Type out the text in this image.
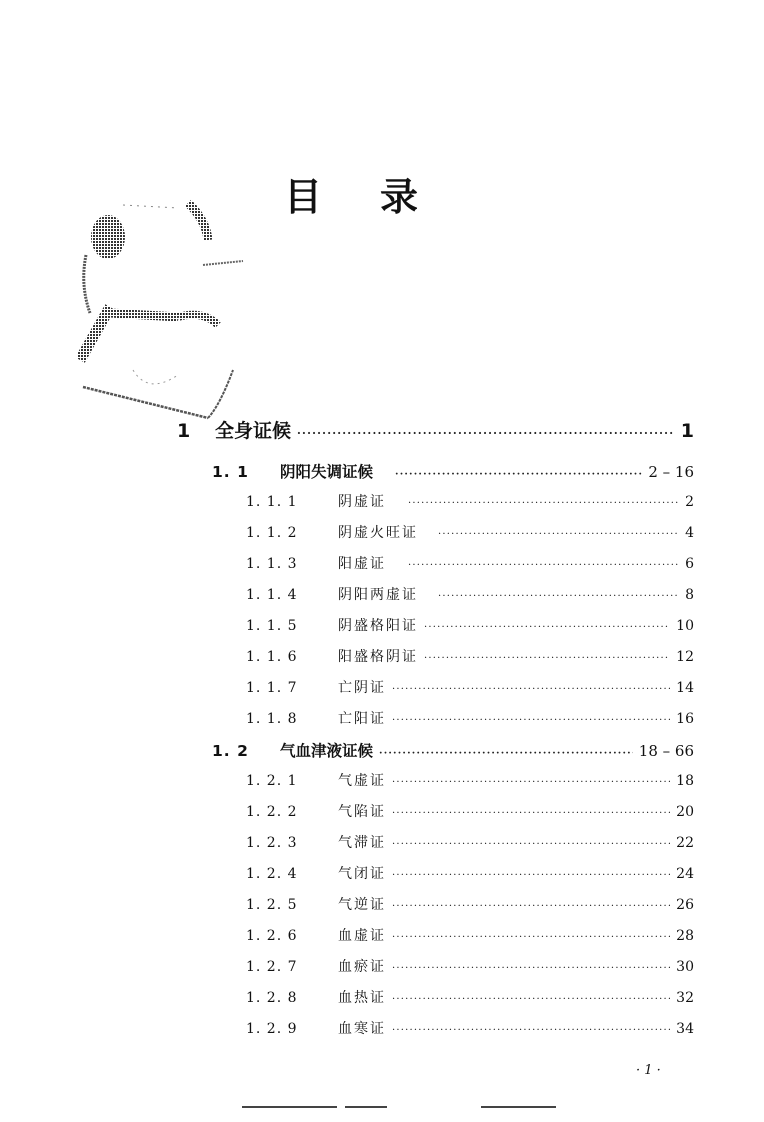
目 录
1	全身证候 ·····	1
1. 1	阴阳失调证候 ·····	2 – 16
1. 1. 1	阴虚证 ·····	2
1. 1. 2	阴虚火旺证 ·····	4
1. 1. 3	阳虚证 ·····	6
1. 1. 4	阴阳两虚证 ·····	8
1. 1. 5	阴盛格阳证 ·····	10
1. 1. 6	阳盛格阴证 ·····	12
1. 1. 7	亡阴证 ·····	14
1. 1. 8	亡阳证 ·····	16
1. 2	气血津液证候 ·····	18 – 66
1. 2. 1	气虚证 ·····	18
1. 2. 2	气陷证 ·····	20
1. 2. 3	气滞证 ·····	22
1. 2. 4	气闭证 ·····	24
1. 2. 5	气逆证 ·····	26
1. 2. 6	血虚证 ·····	28
1. 2. 7	血瘀证 ·····	30
1. 2. 8	血热证 ·····	32
1. 2. 9	血寒证 ·····	34
· 1 ·
